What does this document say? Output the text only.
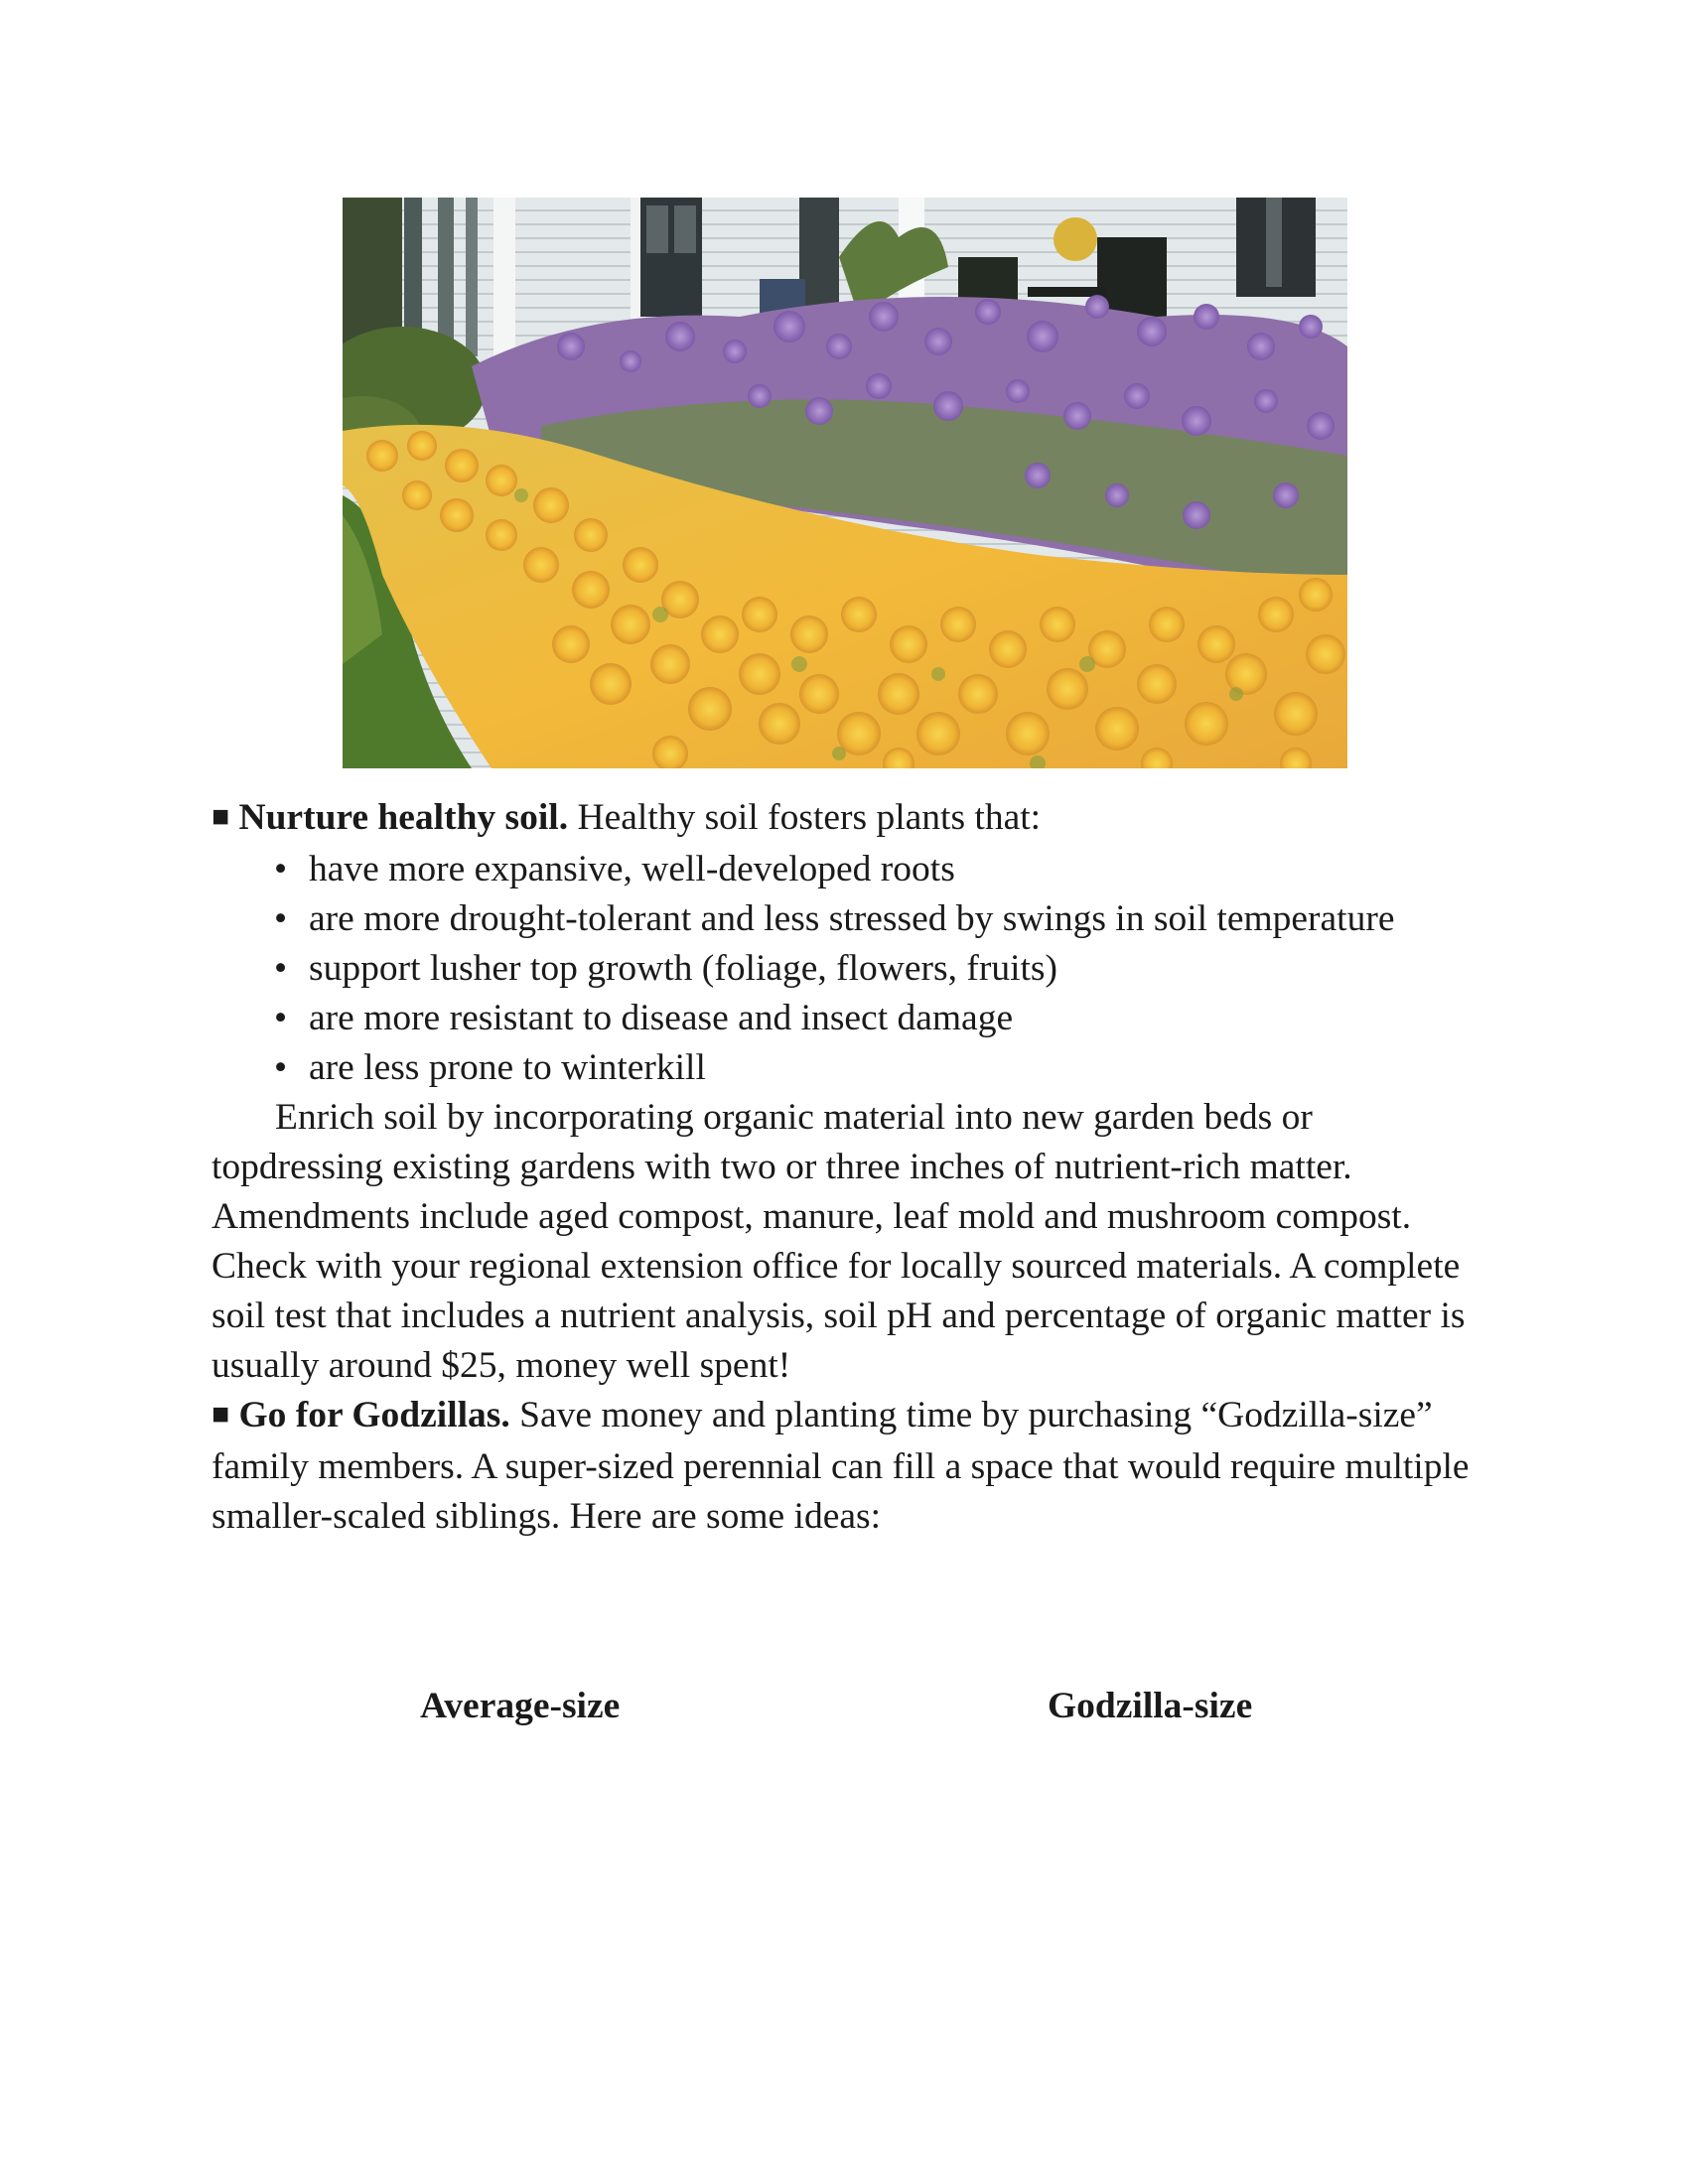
■ Nurture healthy soil. Healthy soil fosters plants that:

• have more expansive, well-developed roots
• are more drought-tolerant and less stressed by swings in soil temperature
• support lusher top growth (foliage, flowers, fruits)
• are more resistant to disease and insect damage
• are less prone to winterkill

Enrich soil by incorporating organic material into new garden beds or topdressing existing gardens with two or three inches of nutrient-rich matter. Amendments include aged compost, manure, leaf mold and mushroom compost. Check with your regional extension office for locally sourced materials. A complete soil test that includes a nutrient analysis, soil pH and percentage of organic matter is usually around $25, money well spent!

■ Go for Godzillas. Save money and planting time by purchasing “Godzilla-size” family members. A super-sized perennial can fill a space that would require multiple smaller-scaled siblings. Here are some ideas:

Average-size	Godzilla-size
